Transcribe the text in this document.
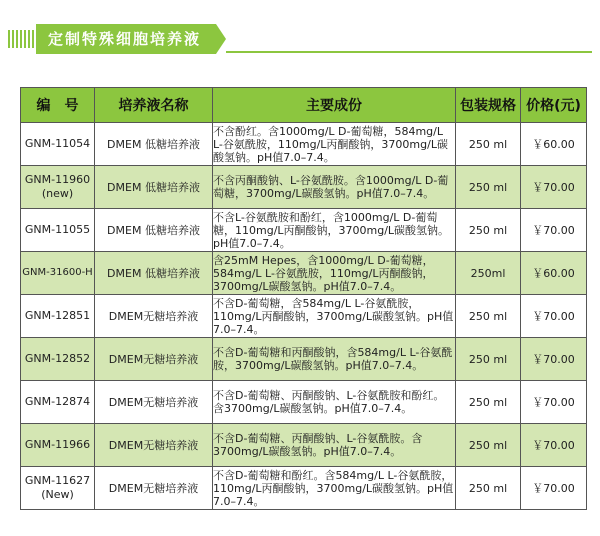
定制特殊细胞培养液
编　号	培养液名称	主要成份	包装规格	价格(元)
GNM-11054	DMEM 低糖培养液	不含酚红。含1000mg/L D-葡萄糖，584mg/L L-谷氨酰胺，110mg/L丙酮酸钠，3700mg/L碳酸氢钠。pH值7.0–7.4。	250 ml	￥60.00
GNM-11960 (new)	DMEM 低糖培养液	不含丙酮酸钠、L-谷氨酰胺。含1000mg/L D-葡萄糖，3700mg/L碳酸氢钠。pH值7.0–7.4。	250 ml	￥70.00
GNM-11055	DMEM 低糖培养液	不含L-谷氨酰胺和酚红，含1000mg/L D-葡萄糖，110mg/L丙酮酸钠，3700mg/L碳酸氢钠。pH值7.0–7.4。	250 ml	￥70.00
GNM-31600-H	DMEM 低糖培养液	含25mM Hepes，含1000mg/L D-葡萄糖，584mg/L L-谷氨酰胺，110mg/L丙酮酸钠，3700mg/L碳酸氢钠。pH值7.0–7.4。	250ml	￥60.00
GNM-12851	DMEM无糖培养液	不含D-葡萄糖，含584mg/L L-谷氨酰胺，110mg/L丙酮酸钠，3700mg/L碳酸氢钠。pH值7.0–7.4。	250 ml	￥70.00
GNM-12852	DMEM无糖培养液	不含D-葡萄糖和丙酮酸钠，含584mg/L L-谷氨酰胺，3700mg/L碳酸氢钠。pH值7.0–7.4。	250 ml	￥70.00
GNM-12874	DMEM无糖培养液	不含D-葡萄糖、丙酮酸钠、L-谷氨酰胺和酚红。含3700mg/L碳酸氢钠。pH值7.0–7.4。	250 ml	￥70.00
GNM-11966	DMEM无糖培养液	不含D-葡萄糖、丙酮酸钠、L-谷氨酰胺。含3700mg/L碳酸氢钠。pH值7.0–7.4。	250 ml	￥70.00
GNM-11627 (New)	DMEM无糖培养液	不含D-葡萄糖和酚红。含584mg/L L-谷氨酰胺，110mg/L丙酮酸钠，3700mg/L碳酸氢钠。pH值7.0–7.4。	250 ml	￥70.00
